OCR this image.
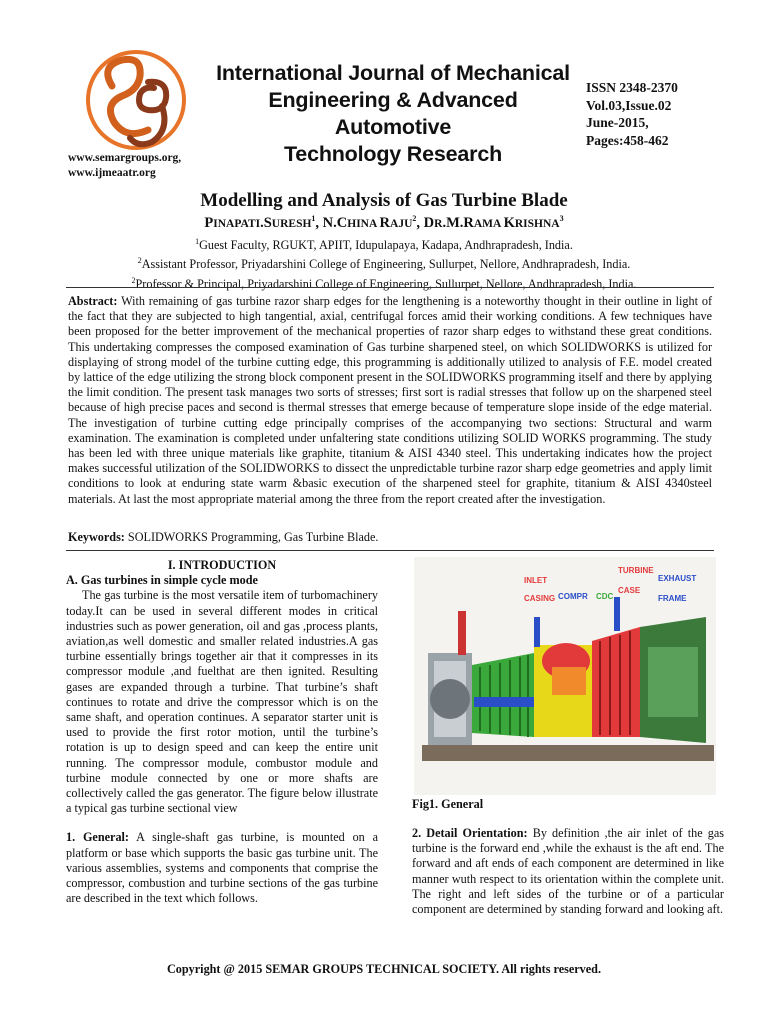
International Journal of Mechanical
Engineering & Advanced Automotive
Technology Research
ISSN 2348-2370
Vol.03,Issue.02
June-2015,
Pages:458-462
www.semargroups.org,
www.ijmeaatr.org
Modelling and Analysis of Gas Turbine Blade
PINAPATI.SURESH$^1$, N.CHINA RAJU$^2$, DR.M.RAMA KRISHNA$^3$
$^1$Guest Faculty, RGUKT, APIIT, Idupulapaya, Kadapa, Andhrapradesh, India.
$^2$Assistant Professor, Priyadarshini College of Engineering, Sullurpet, Nellore, Andhrapradesh, India.
$^2$Professor & Principal, Priyadarshini College of Engineering, Sullurpet, Nellore, Andhrapradesh, India.
Abstract: With remaining of gas turbine razor sharp edges for the lengthening is a noteworthy thought in their outline in light of the fact that they are subjected to high tangential, axial, centrifugal forces amid their working conditions. A few techniques have been proposed for the better improvement of the mechanical properties of razor sharp edges to withstand these great conditions. This undertaking compresses the composed examination of Gas turbine sharpened steel, on which SOLIDWORKS is utilized for displaying of strong model of the turbine cutting edge, this programming is additionally utilized to analysis of F.E. model created by lattice of the edge utilizing the strong block component present in the SOLIDWORKS programming itself and there by applying the limit condition. The present task manages two sorts of stresses; first sort is radial stresses that follow up on the sharpened steel because of high precise paces and second is thermal stresses that emerge because of temperature slope inside of the edge material. The investigation of turbine cutting edge principally comprises of the accompanying two sections: Structural and warm examination. The examination is completed under unfaltering state conditions utilizing SOLID WORKS programming. The study has been led with three unique materials like graphite, titanium & AISI 4340 steel. This undertaking indicates how the project makes successful utilization of the SOLIDWORKS to dissect the unpredictable turbine razor sharp edge geometries and apply limit conditions to look at enduring state warm &basic execution of the sharpened steel for graphite, titanium & AISI 4340steel materials. At last the most appropriate material among the three from the report created after the investigation.
Keywords: SOLIDWORKS Programming, Gas Turbine Blade.

I. INTRODUCTION

A. Gas turbines in simple cycle mode

The gas turbine is the most versatile item of turbomachinery today.It can be used in several different modes in critical industries such as power generation, oil and gas ,process plants, aviation,as well domestic and smaller related industries.A gas turbine essentially brings together air that it compresses in its compressor module ,and fuelthat are then ignited. Resulting gases are expanded through a turbine. That turbine’s shaft continues to rotate and drive the compressor which is on the same shaft, and operation continues. A separator starter unit is used to provide the first rotor motion, until the turbine’s rotation is up to design speed and can keep the entire unit running. The compressor module, combustor module and turbine module connected by one or more shafts are collectively called the gas generator. The figure below illustrate a typical gas turbine sectional view

1. General: A single-shaft gas turbine, is mounted on a platform or base which supports the basic gas turbine unit. The various assemblies, systems and components that comprise the compressor, combustion and turbine sections of the gas turbine are described in the text which follows.

INLET
CASING COMPR CDC
TURBINE
CASE
EXHAUST
FRAME
Fig1. General

2. Detail Orientation: By definition ,the air inlet of the gas turbine is the forward end ,while the exhaust is the aft end. The forward and aft ends of each component are determined in like manner wuth respect to its orientation within the complete unit. The right and left sides of the turbine or of a particular component are determined by standing forward and looking aft.

Copyright @ 2015 SEMAR GROUPS TECHNICAL SOCIETY. All rights reserved.
